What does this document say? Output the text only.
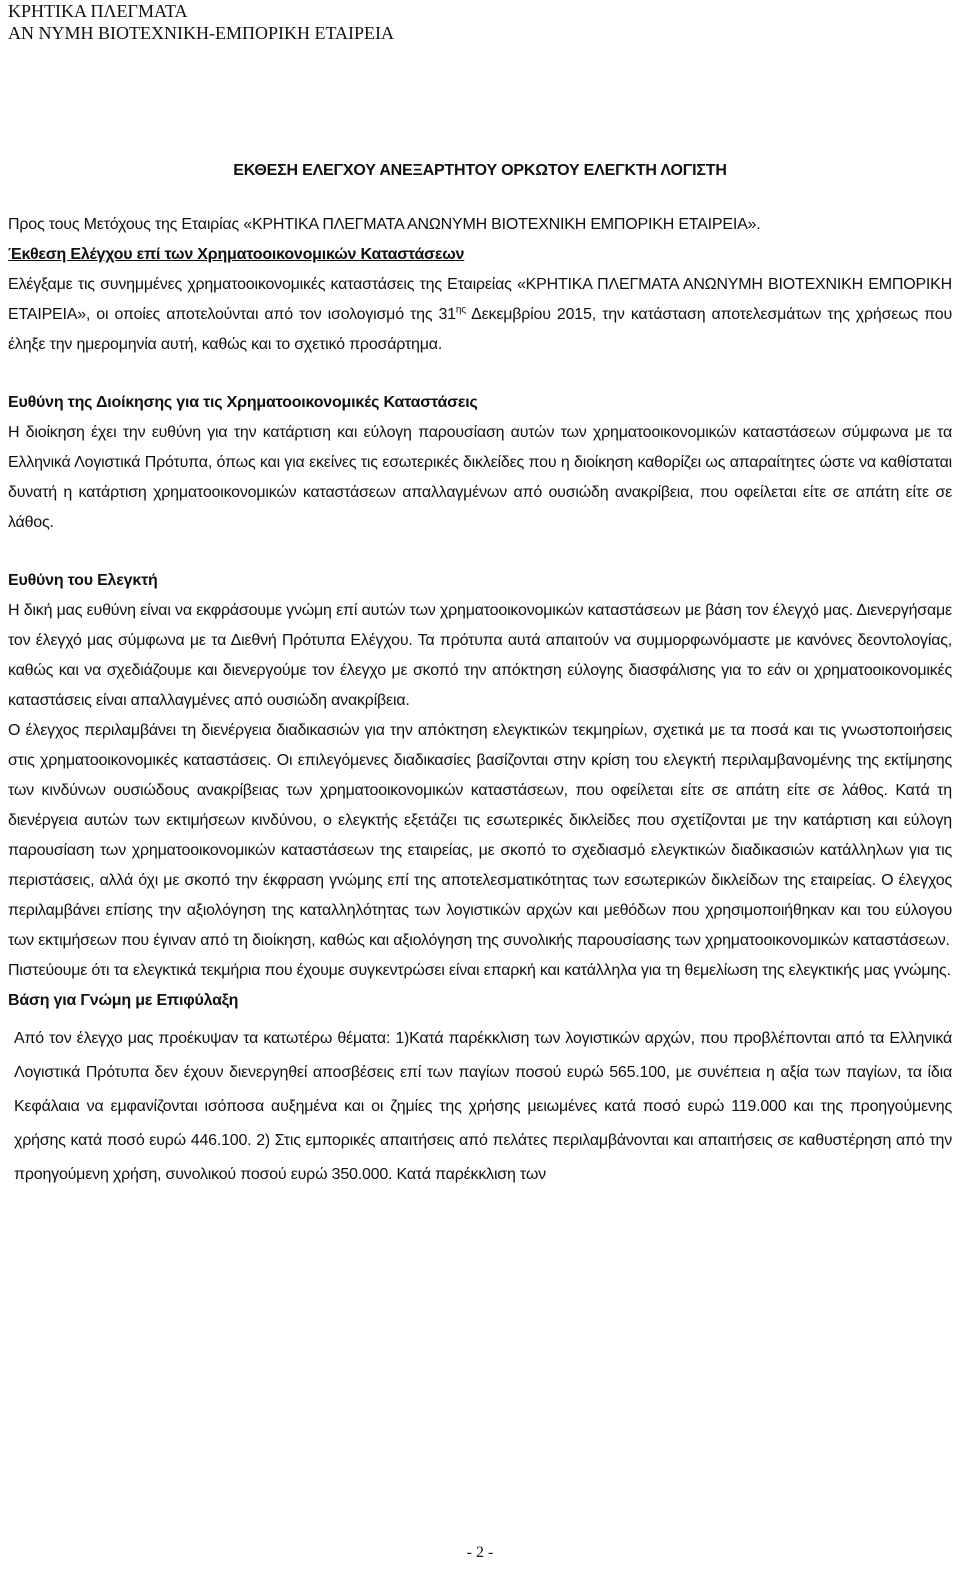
ΚΡΗΤΙΚΑ ΠΛΕΓΜΑΤΑ
ΑΝ ΝΥΜΗ ΒΙΟΤΕΧΝΙΚΗ-ΕΜΠΟΡΙΚΗ ΕΤΑΙΡΕΙΑ
ΕΚΘΕΣΗ ΕΛΕΓΧΟΥ ΑΝΕΞΑΡΤΗΤΟΥ ΟΡΚΩΤΟΥ ΕΛΕΓΚΤΗ ΛΟΓΙΣΤΗ

Προς τους Μετόχους της Εταιρίας «ΚΡΗΤΙΚΑ ΠΛΕΓΜΑΤΑ ΑΝΩΝΥΜΗ ΒΙΟΤΕΧΝΙΚΗ ΕΜΠΟΡΙΚΗ ΕΤΑΙΡΕΙΑ».

Έκθεση Ελέγχου επί των Χρηματοοικονομικών Καταστάσεων

Ελέγξαμε τις συνημμένες χρηματοοικονομικές καταστάσεις της Εταιρείας «ΚΡΗΤΙΚΑ ΠΛΕΓΜΑΤΑ ΑΝΩΝΥΜΗ ΒΙΟΤΕΧΝΙΚΗ ΕΜΠΟΡΙΚΗ ΕΤΑΙΡΕΙΑ», οι οποίες αποτελούνται από τον ισολογισμό της $31^{\eta\varsigma}$ Δεκεμβρίου 2015, την κατάσταση αποτελεσμάτων της χρήσεως που έληξε την ημερομηνία αυτή, καθώς και το σχετικό προσάρτημα.

Ευθύνη της Διοίκησης για τις Χρηματοοικονομικές Καταστάσεις

Η διοίκηση έχει την ευθύνη για την κατάρτιση και εύλογη παρουσίαση αυτών των χρηματοοικονομικών καταστάσεων σύμφωνα με τα Ελληνικά Λογιστικά Πρότυπα, όπως και για εκείνες τις εσωτερικές δικλείδες που η διοίκηση καθορίζει ως απαραίτητες ώστε να καθίσταται δυνατή η κατάρτιση χρηματοοικονομικών καταστάσεων απαλλαγμένων από ουσιώδη ανακρίβεια, που οφείλεται είτε σε απάτη είτε σε λάθος.

Ευθύνη του Ελεγκτή

Η δική μας ευθύνη είναι να εκφράσουμε γνώμη επί αυτών των χρηματοοικονομικών καταστάσεων με βάση τον έλεγχό μας. Διενεργήσαμε τον έλεγχό μας σύμφωνα με τα Διεθνή Πρότυπα Ελέγχου. Τα πρότυπα αυτά απαιτούν να συμμορφωνόμαστε με κανόνες δεοντολογίας, καθώς και να σχεδιάζουμε και διενεργούμε τον έλεγχο με σκοπό την απόκτηση εύλογης διασφάλισης για το εάν οι χρηματοοικονομικές καταστάσεις είναι απαλλαγμένες από ουσιώδη ανακρίβεια.

Ο έλεγχος περιλαμβάνει τη διενέργεια διαδικασιών για την απόκτηση ελεγκτικών τεκμηρίων, σχετικά με τα ποσά και τις γνωστοποιήσεις στις χρηματοοικονομικές καταστάσεις. Οι επιλεγόμενες διαδικασίες βασίζονται στην κρίση του ελεγκτή περιλαμβανομένης της εκτίμησης των κινδύνων ουσιώδους ανακρίβειας των χρηματοοικονομικών καταστάσεων, που οφείλεται είτε σε απάτη είτε σε λάθος. Κατά τη διενέργεια αυτών των εκτιμήσεων κινδύνου, ο ελεγκτής εξετάζει τις εσωτερικές δικλείδες που σχετίζονται με την κατάρτιση και εύλογη παρουσίαση των χρηματοοικονομικών καταστάσεων της εταιρείας, με σκοπό το σχεδιασμό ελεγκτικών διαδικασιών κατάλληλων για τις περιστάσεις, αλλά όχι με σκοπό την έκφραση γνώμης επί της αποτελεσματικότητας των εσωτερικών δικλείδων της εταιρείας. Ο έλεγχος περιλαμβάνει επίσης την αξιολόγηση της καταλληλότητας των λογιστικών αρχών και μεθόδων που χρησιμοποιήθηκαν και του εύλογου των εκτιμήσεων που έγιναν από τη διοίκηση, καθώς και αξιολόγηση της συνολικής παρουσίασης των χρηματοοικονομικών καταστάσεων.

Πιστεύουμε ότι τα ελεγκτικά τεκμήρια που έχουμε συγκεντρώσει είναι επαρκή και κατάλληλα για τη θεμελίωση της ελεγκτικής μας γνώμης.

Βάση για Γνώμη με Επιφύλαξη

Από τον έλεγχο μας προέκυψαν τα κατωτέρω θέματα: 1)Κατά παρέκκλιση των λογιστικών αρχών, που προβλέπονται από τα Ελληνικά Λογιστικά Πρότυπα δεν έχουν διενεργηθεί αποσβέσεις επί των παγίων ποσού ευρώ 565.100, με συνέπεια η αξία των παγίων, τα ίδια Κεφάλαια να εμφανίζονται ισόποσα αυξημένα και οι ζημίες της χρήσης μειωμένες κατά ποσό ευρώ 119.000 και της προηγούμενης χρήσης κατά ποσό ευρώ 446.100. 2) Στις εμπορικές απαιτήσεις από πελάτες περιλαμβάνονται και απαιτήσεις σε καθυστέρηση από την προηγούμενη χρήση, συνολικού ποσού ευρώ 350.000. Κατά παρέκκλιση των

- 2 -
